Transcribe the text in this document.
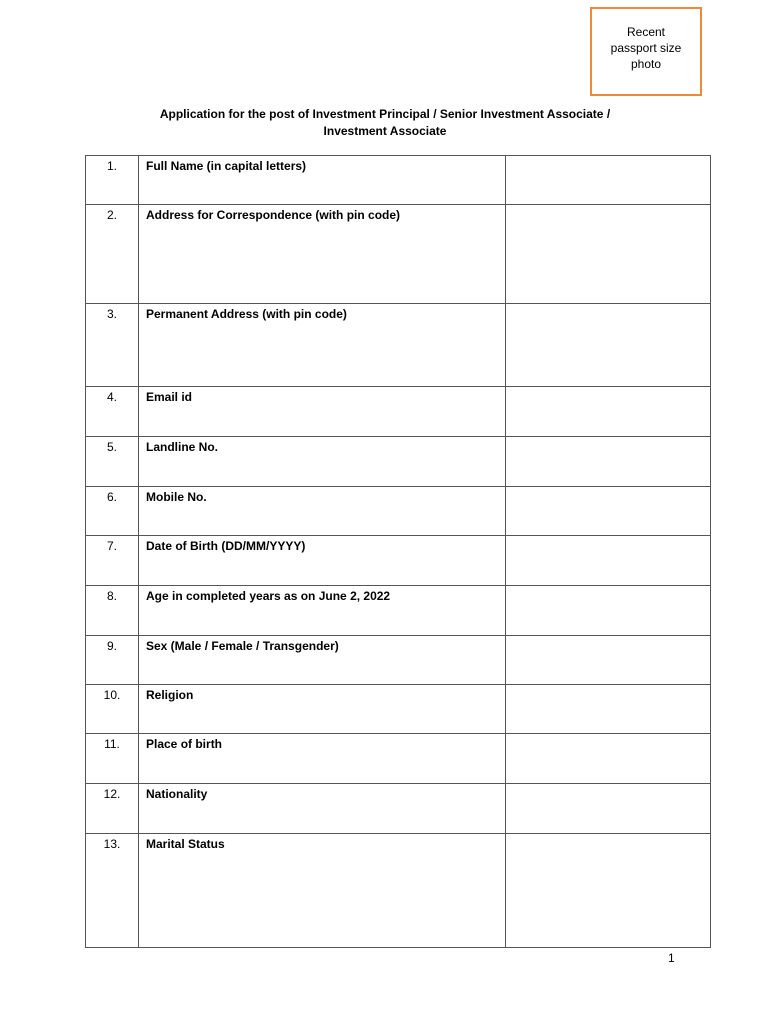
Recent passport size photo
Application for the post of Investment Principal / Senior Investment Associate / Investment Associate
1.	Full Name (in capital letters)	
2.	Address for Correspondence (with pin code)	
3.	Permanent Address (with pin code)	
4.	Email id	
5.	Landline No.	
6.	Mobile No.	
7.	Date of Birth (DD/MM/YYYY)	
8.	Age in completed years as on June 2, 2022	
9.	Sex (Male / Female / Transgender)	
10.	Religion	
11.	Place of birth	
12.	Nationality	
13.	Marital Status	
1
